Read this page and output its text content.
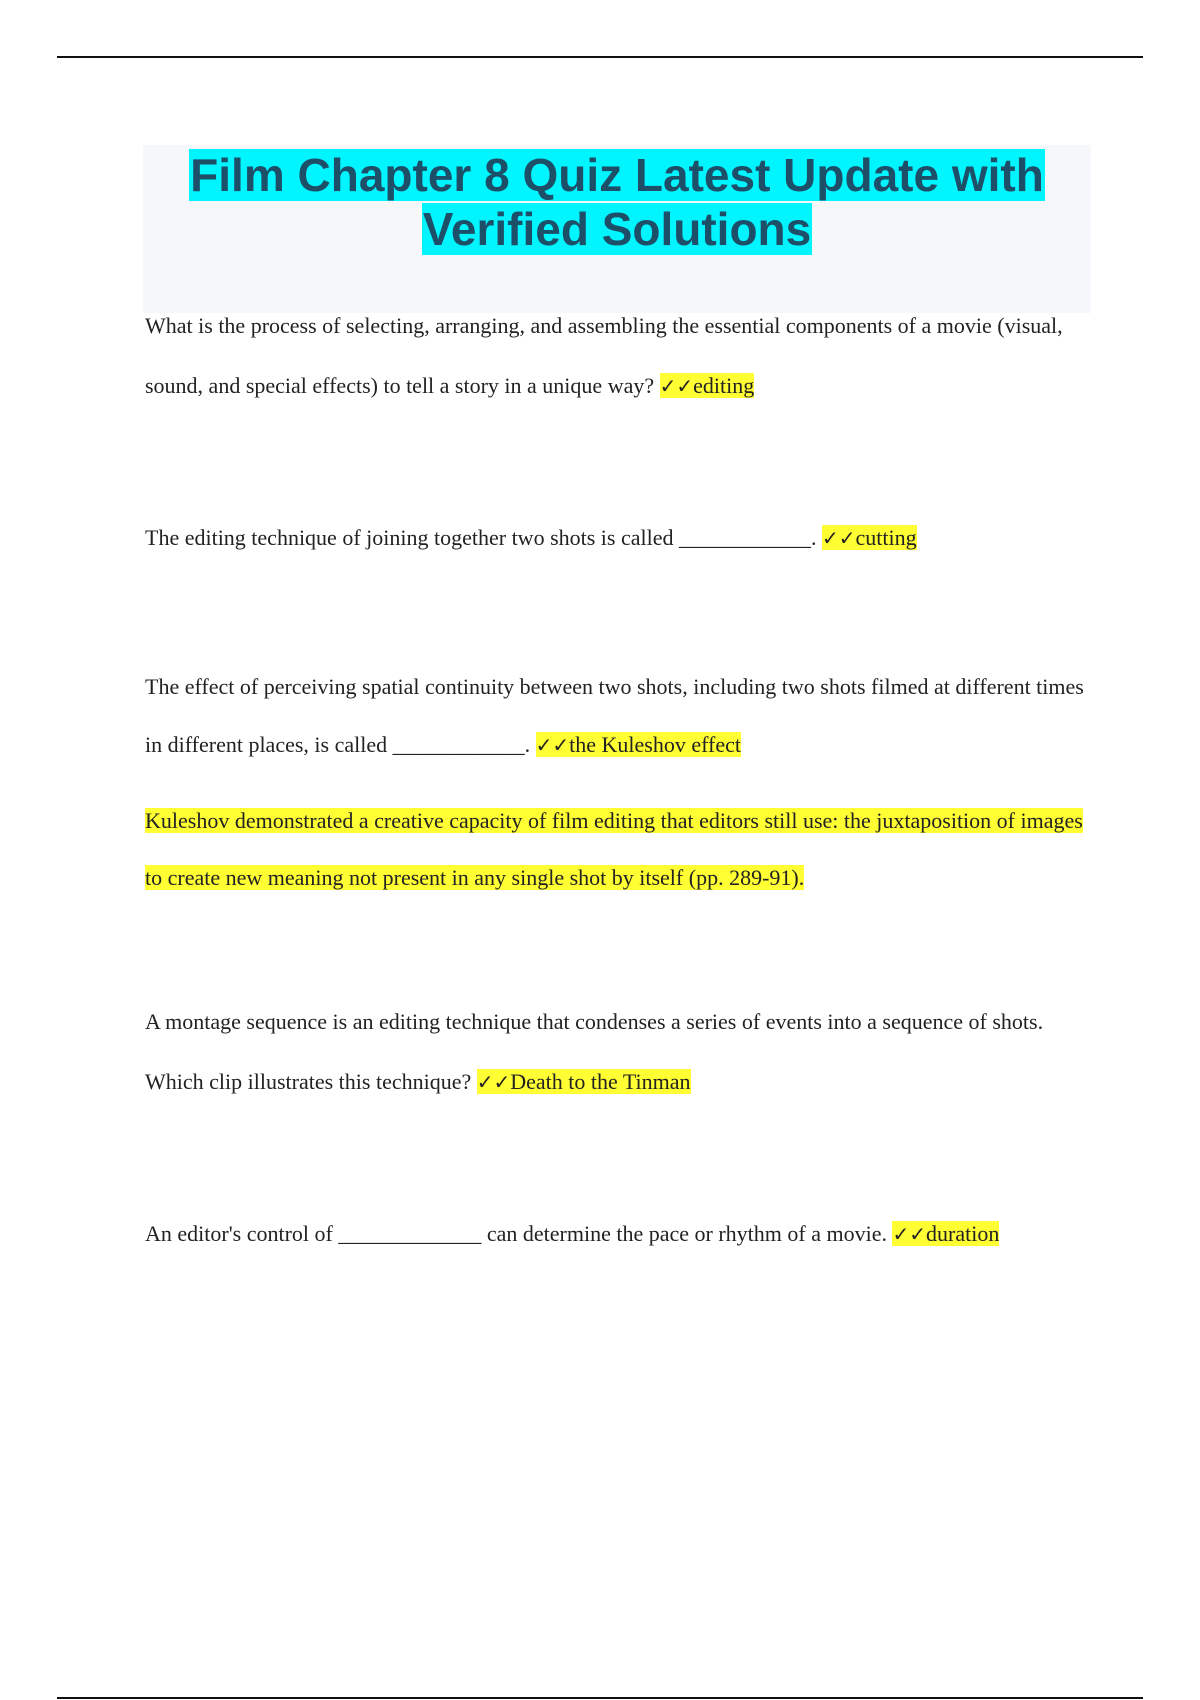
Film Chapter 8 Quiz Latest Update with Verified Solutions

What is the process of selecting, arranging, and assembling the essential components of a movie (visual, sound, and special effects) to tell a story in a unique way? ✓✓editing

The editing technique of joining together two shots is called ____________. ✓✓cutting

The effect of perceiving spatial continuity between two shots, including two shots filmed at different times in different places, is called ____________. ✓✓the Kuleshov effect

Kuleshov demonstrated a creative capacity of film editing that editors still use: the juxtaposition of images to create new meaning not present in any single shot by itself (pp. 289-91).

A montage sequence is an editing technique that condenses a series of events into a sequence of shots. Which clip illustrates this technique? ✓✓Death to the Tinman

An editor's control of _____________ can determine the pace or rhythm of a movie. ✓✓duration
